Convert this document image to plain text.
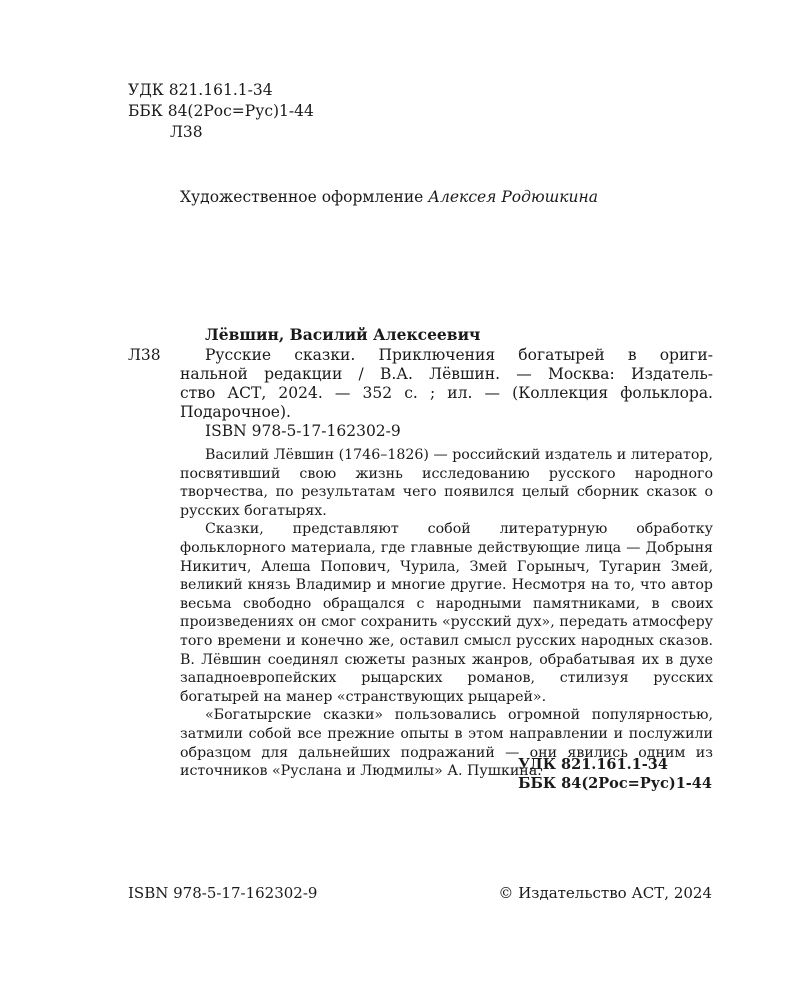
УДК 821.161.1-34
ББК 84(2Рос=Рус)1-44
Л38
Художественное оформление Алексея Родюшкина
Лёвшин, Василий Алексеевич
Л38	Русские сказки. Приключения богатырей в ориги-
нальной редакции / В.А. Лёвшин. — Москва: Издатель-
ство АСТ, 2024. — 352 с. ; ил. — (Коллекция фольклора.
Подарочное).
ISBN 978-5-17-162302-9

Василий Лёвшин (1746–1826) — российский издатель и литератор, посвятивший свою жизнь исследованию русского народного творчества, по результатам чего появился целый сборник сказок о русских богатырях.

Сказки, представляют собой литературную обработку фольклорного материала, где главные действующие лица — Добрыня Никитич, Алеша Попович, Чурила, Змей Горыныч, Тугарин Змей, великий князь Владимир и многие другие. Несмотря на то, что автор весьма свободно обращался с народными памятниками, в своих произведениях он смог сохранить «русский дух», передать атмосферу того времени и конечно же, оставил смысл русских народных сказов. В. Лёвшин соединял сюжеты разных жанров, обрабатывая их в духе западноевропейских рыцарских романов, стилизуя русских богатырей на манер «странствующих рыцарей».

«Богатырские сказки» пользовались огромной популярностью, затмили собой все прежние опыты в этом направлении и послужили образцом для дальнейших подражаний — они явились одним из источников «Руслана и Людмилы» А. Пушкина.

УДК 821.161.1-34
ББК 84(2Рос=Рус)1-44
ISBN 978-5-17-162302-9	© Издательство АСТ, 2024
